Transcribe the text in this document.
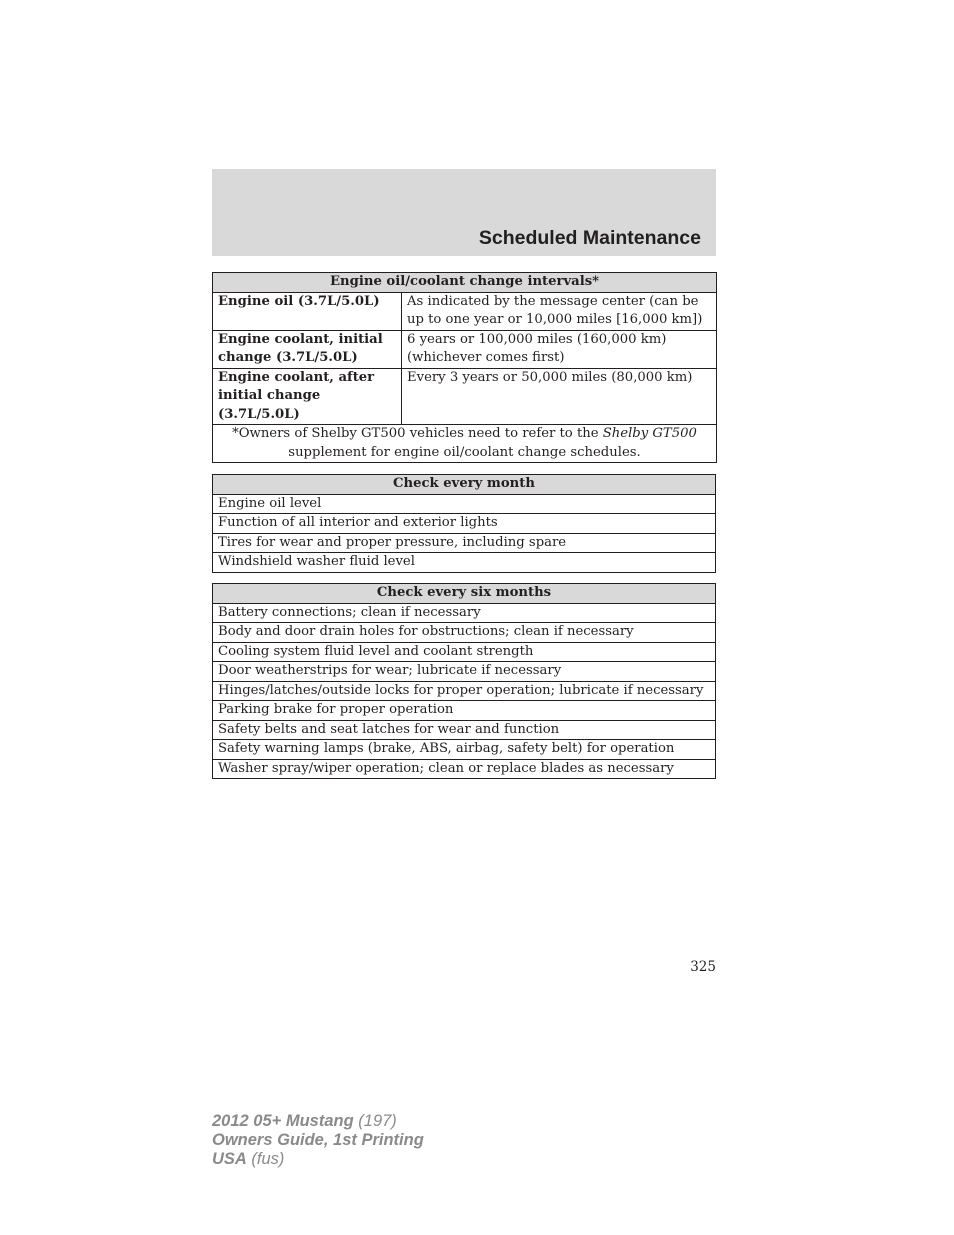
Scheduled Maintenance
Engine oil/coolant change intervals*	
Engine oil (3.7L/5.0L)	As indicated by the message center (can be up to one year or 10,000 miles [16,000 km])
Engine coolant, initial change (3.7L/5.0L)	6 years or 100,000 miles (160,000 km) (whichever comes first)
Engine coolant, after initial change (3.7L/5.0L)	Every 3 years or 50,000 miles (80,000 km)
*Owners of Shelby GT500 vehicles need to refer to the Shelby GT500 supplement for engine oil/coolant change schedules.	
Check every month
Engine oil level
Function of all interior and exterior lights
Tires for wear and proper pressure, including spare
Windshield washer fluid level
Check every six months
Battery connections; clean if necessary
Body and door drain holes for obstructions; clean if necessary
Cooling system fluid level and coolant strength
Door weatherstrips for wear; lubricate if necessary
Hinges/latches/outside locks for proper operation; lubricate if necessary
Parking brake for proper operation
Safety belts and seat latches for wear and function
Safety warning lamps (brake, ABS, airbag, safety belt) for operation
Washer spray/wiper operation; clean or replace blades as necessary
325
2012 05+ Mustang (197)
Owners Guide, 1st Printing
USA (fus)
